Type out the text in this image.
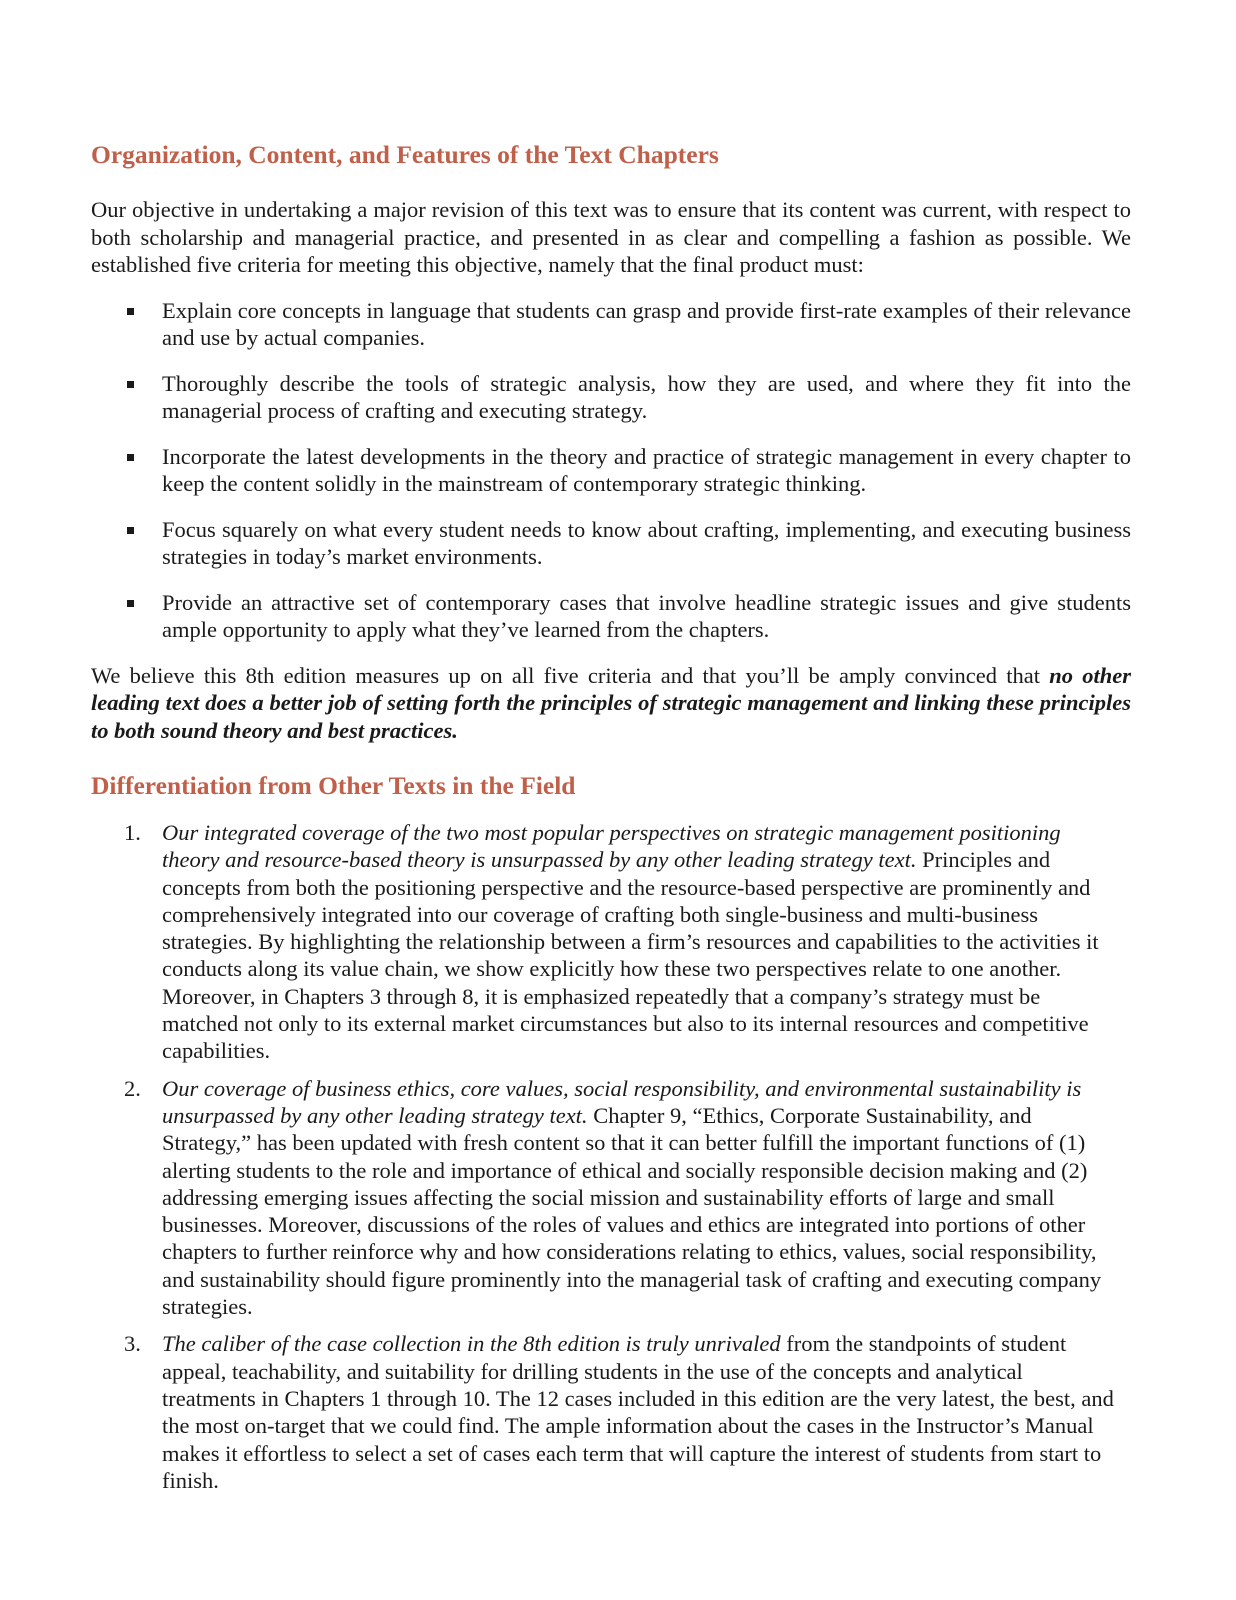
Organization, Content, and Features of the Text Chapters

Our objective in undertaking a major revision of this text was to ensure that its content was current, with respect to both scholarship and managerial practice, and presented in as clear and compelling a fashion as possible. We established five criteria for meeting this objective, namely that the final product must:

Explain core concepts in language that students can grasp and provide first-rate examples of their relevance and use by actual companies.
Thoroughly describe the tools of strategic analysis, how they are used, and where they fit into the managerial process of crafting and executing strategy.
Incorporate the latest developments in the theory and practice of strategic management in every chapter to keep the content solidly in the mainstream of contemporary strategic thinking.
Focus squarely on what every student needs to know about crafting, implementing, and executing business strategies in today’s market environments.
Provide an attractive set of contemporary cases that involve headline strategic issues and give students ample opportunity to apply what they’ve learned from the chapters.

We believe this 8th edition measures up on all five criteria and that you’ll be amply convinced that no other leading text does a better job of setting forth the principles of strategic management and linking these principles to both sound theory and best practices.

Differentiation from Other Texts in the Field
1. Our integrated coverage of the two most popular perspectives on strategic management positioning theory and resource-based theory is unsurpassed by any other leading strategy text. Principles and concepts from both the positioning perspective and the resource-based perspective are prominently and comprehensively integrated into our coverage of crafting both single-business and multi-business strategies. By highlighting the relationship between a firm’s resources and capabilities to the activities it conducts along its value chain, we show explicitly how these two perspectives relate to one another. Moreover, in Chapters 3 through 8, it is emphasized repeatedly that a company’s strategy must be matched not only to its external market circumstances but also to its internal resources and competitive capabilities.
2. Our coverage of business ethics, core values, social responsibility, and environmental sustainability is unsurpassed by any other leading strategy text. Chapter 9, “Ethics, Corporate Sustainability, and Strategy,” has been updated with fresh content so that it can better fulfill the important functions of (1) alerting students to the role and importance of ethical and socially responsible decision making and (2) addressing emerging issues affecting the social mission and sustainability efforts of large and small businesses. Moreover, discussions of the roles of values and ethics are integrated into portions of other chapters to further reinforce why and how considerations relating to ethics, values, social responsibility, and sustainability should figure prominently into the managerial task of crafting and executing company strategies.
3. The caliber of the case collection in the 8th edition is truly unrivaled from the standpoints of student appeal, teachability, and suitability for drilling students in the use of the concepts and analytical treatments in Chapters 1 through 10. The 12 cases included in this edition are the very latest, the best, and the most on-target that we could find. The ample information about the cases in the Instructor’s Manual makes it effortless to select a set of cases each term that will capture the interest of students from start to finish.
